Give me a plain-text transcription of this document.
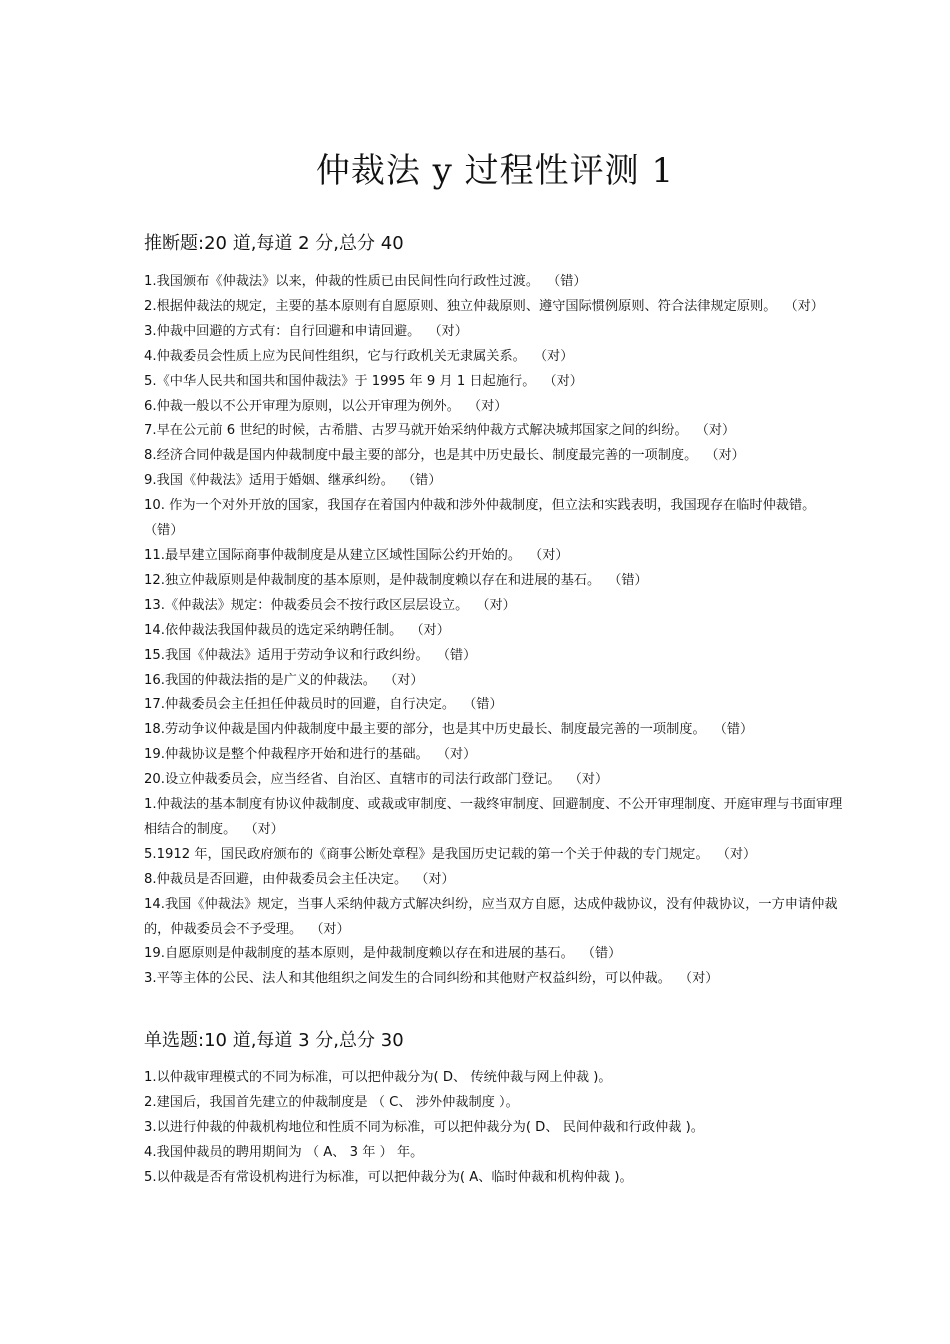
仲裁法 y 过程性评测 1
推断题:20 道,每道 2 分,总分 40
1.我国颁布《仲裁法》以来，仲裁的性质已由民间性向行政性过渡。 （错）
2.根据仲裁法的规定，主要的基本原则有自愿原则、独立仲裁原则、遵守国际惯例原则、符合法律规定原则。 （对）
3.仲裁中回避的方式有：自行回避和申请回避。 （对）
4.仲裁委员会性质上应为民间性组织，它与行政机关无隶属关系。 （对）
5.《中华人民共和国共和国仲裁法》于 1995 年 9 月 1 日起施行。 （对）
6.仲裁一般以不公开审理为原则，以公开审理为例外。 （对）
7.早在公元前 6 世纪的时候，古希腊、古罗马就开始采纳仲裁方式解决城邦国家之间的纠纷。 （对）
8.经济合同仲裁是国内仲裁制度中最主要的部分，也是其中历史最长、制度最完善的一项制度。 （对）
9.我国《仲裁法》适用于婚姻、继承纠纷。 （错）
10. 作为一个对外开放的国家，我国存在着国内仲裁和涉外仲裁制度，但立法和实践表明，我国现存在临时仲裁错。（错）
11.最早建立国际商事仲裁制度是从建立区域性国际公约开始的。 （对）
12.独立仲裁原则是仲裁制度的基本原则，是仲裁制度赖以存在和进展的基石。 （错）
13.《仲裁法》规定：仲裁委员会不按行政区层层设立。 （对）
14.依仲裁法我国仲裁员的选定采纳聘任制。 （对）
15.我国《仲裁法》适用于劳动争议和行政纠纷。 （错）
16.我国的仲裁法指的是广义的仲裁法。 （对）
17.仲裁委员会主任担任仲裁员时的回避，自行决定。 （错）
18.劳动争议仲裁是国内仲裁制度中最主要的部分，也是其中历史最长、制度最完善的一项制度。 （错）
19.仲裁协议是整个仲裁程序开始和进行的基础。 （对）
20.设立仲裁委员会，应当经省、自治区、直辖市的司法行政部门登记。 （对）
1.仲裁法的基本制度有协议仲裁制度、或裁或审制度、一裁终审制度、回避制度、不公开审理制度、开庭审理与书面审理相结合的制度。 （对）
5.1912 年，国民政府颁布的《商事公断处章程》是我国历史记载的第一个关于仲裁的专门规定。 （对）
8.仲裁员是否回避，由仲裁委员会主任决定。 （对）
14.我国《仲裁法》规定，当事人采纳仲裁方式解决纠纷，应当双方自愿，达成仲裁协议，没有仲裁协议，一方申请仲裁的，仲裁委员会不予受理。 （对）
19.自愿原则是仲裁制度的基本原则，是仲裁制度赖以存在和进展的基石。 （错）
3.平等主体的公民、法人和其他组织之间发生的合同纠纷和其他财产权益纠纷，可以仲裁。 （对）
单选题:10 道,每道 3 分,总分 30
1.以仲裁审理模式的不同为标准，可以把仲裁分为( D、 传统仲裁与网上仲裁 )。
2.建国后，我国首先建立的仲裁制度是 （ C、 涉外仲裁制度 ）。
3.以进行仲裁的仲裁机构地位和性质不同为标准，可以把仲裁分为( D、 民间仲裁和行政仲裁 )。
4.我国仲裁员的聘用期间为 （ A、 3 年 ） 年。
5.以仲裁是否有常设机构进行为标准，可以把仲裁分为( A、临时仲裁和机构仲裁 )。
